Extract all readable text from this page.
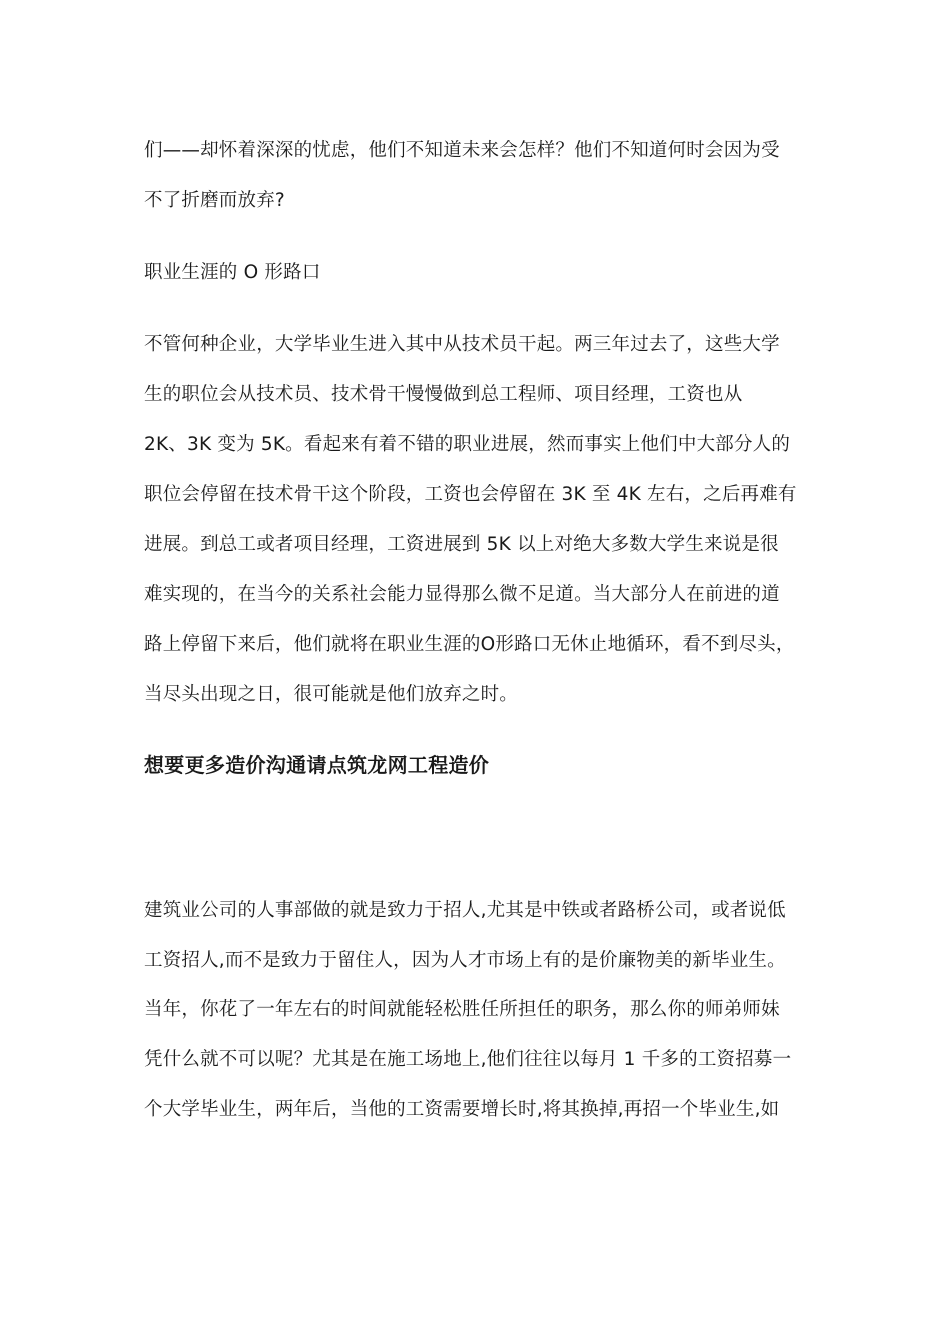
们——却怀着深深的忧虑，他们不知道未来会怎样？他们不知道何时会因为受
不了折磨而放弃?
职业生涯的 O 形路口
不管何种企业，大学毕业生进入其中从技术员干起。两三年过去了，这些大学
生的职位会从技术员、技术骨干慢慢做到总工程师、项目经理，工资也从
2K、3K 变为 5K。看起来有着不错的职业进展，然而事实上他们中大部分人的
职位会停留在技术骨干这个阶段，工资也会停留在 3K 至 4K 左右，之后再难有
进展。到总工或者项目经理，工资进展到 5K 以上对绝大多数大学生来说是很
难实现的，在当今的关系社会能力显得那么微不足道。当大部分人在前进的道
路上停留下来后，他们就将在职业生涯的O形路口无休止地循环，看不到尽头，
当尽头出现之日，很可能就是他们放弃之时。
想要更多造价沟通请点筑龙网工程造价
建筑业公司的人事部做的就是致力于招人,尤其是中铁或者路桥公司，或者说低
工资招人,而不是致力于留住人，因为人才市场上有的是价廉物美的新毕业生。
当年，你花了一年左右的时间就能轻松胜任所担任的职务，那么你的师弟师妹
凭什么就不可以呢？尤其是在施工场地上,他们往往以每月 1 千多的工资招募一
个大学毕业生，两年后，当他的工资需要增长时,将其换掉,再招一个毕业生,如
